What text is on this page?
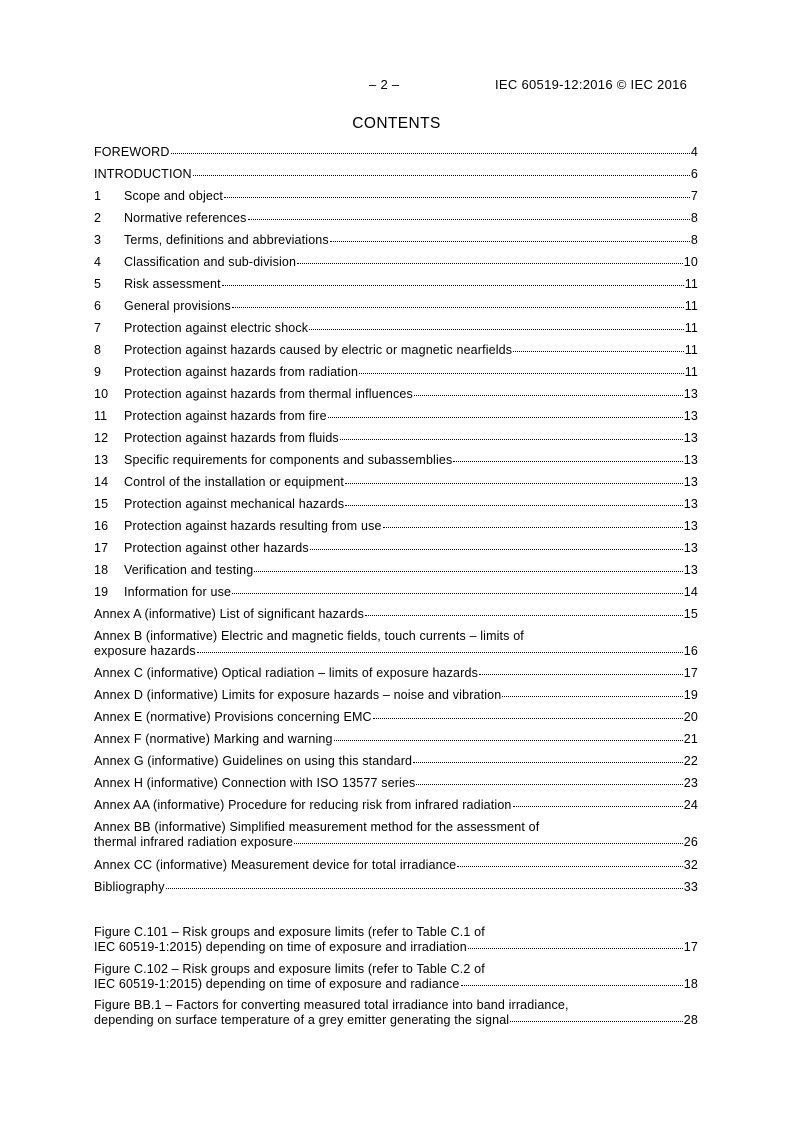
– 2 –	IEC 60519-12:2016 © IEC 2016
CONTENTS
FOREWORD	4
INTRODUCTION	6
1	Scope and object	7
2	Normative references	8
3	Terms, definitions and abbreviations	8
4	Classification and sub-division	10
5	Risk assessment	11
6	General provisions	11
7	Protection against electric shock	11
8	Protection against hazards caused by electric or magnetic nearfields	11
9	Protection against hazards from radiation	11
10	Protection against hazards from thermal influences	13
11	Protection against hazards from fire	13
12	Protection against hazards from fluids	13
13	Specific requirements for components and subassemblies	13
14	Control of the installation or equipment	13
15	Protection against mechanical hazards	13
16	Protection against hazards resulting from use	13
17	Protection against other hazards	13
18	Verification and testing	13
19	Information for use	14
Annex A (informative) List of significant hazards	15
Annex B (informative) Electric and magnetic fields, touch currents – limits of
exposure hazards	16
Annex C (informative) Optical radiation – limits of exposure hazards	17
Annex D (informative) Limits for exposure hazards – noise and vibration	19
Annex E (normative) Provisions concerning EMC	20
Annex F (normative) Marking and warning	21
Annex G (informative) Guidelines on using this standard	22
Annex H (informative) Connection with ISO 13577 series	23
Annex AA (informative) Procedure for reducing risk from infrared radiation	24
Annex BB (informative) Simplified measurement method for the assessment of
thermal infrared radiation exposure	26
Annex CC (informative) Measurement device for total irradiance	32
Bibliography	33
Figure C.101 – Risk groups and exposure limits (refer to Table C.1 of
IEC 60519-1:2015) depending on time of exposure and irradiation	17
Figure C.102 – Risk groups and exposure limits (refer to Table C.2 of
IEC 60519-1:2015) depending on time of exposure and radiance	18
Figure BB.1 – Factors for converting measured total irradiance into band irradiance,
depending on surface temperature of a grey emitter generating the signal	28
